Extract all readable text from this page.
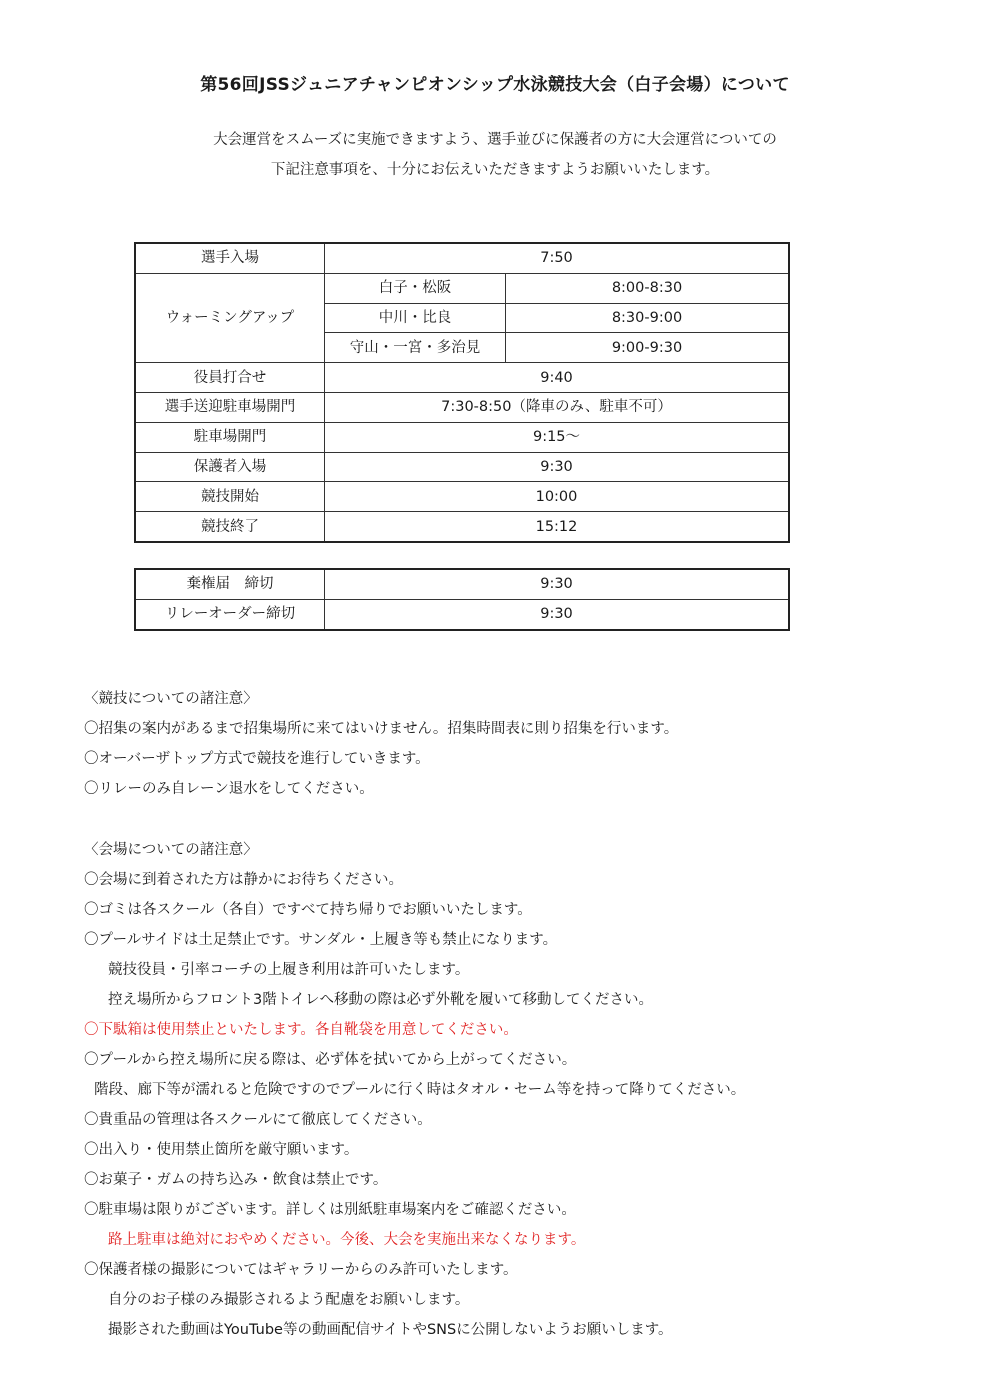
第56回JSSジュニアチャンピオンシップ水泳競技大会（白子会場）について
大会運営をスムーズに実施できますよう、選手並びに保護者の方に大会運営についての
下記注意事項を、十分にお伝えいただきますようお願いいたします。
選手入場	7:50	
ウォーミングアップ	白子・松阪	8:00-8:30
	中川・比良	8:30-9:00
	守山・一宮・多治見	9:00-9:30
役員打合せ	9:40	
選手送迎駐車場開門	7:30-8:50（降車のみ、駐車不可）	
駐車場開門	9:15～	
保護者入場	9:30	
競技開始	10:00	
競技終了	15:12	
棄権届　締切	9:30
リレーオーダー締切	9:30
〈競技についての諸注意〉
〇招集の案内があるまで招集場所に来てはいけません。招集時間表に則り招集を行います。
〇オーバーザトップ方式で競技を進行していきます。
〇リレーのみ自レーン退水をしてください。
〈会場についての諸注意〉
〇会場に到着された方は静かにお待ちください。
〇ゴミは各スクール（各自）ですべて持ち帰りでお願いいたします。
〇プールサイドは土足禁止です。サンダル・上履き等も禁止になります。
競技役員・引率コーチの上履き利用は許可いたします。
控え場所からフロント3階トイレへ移動の際は必ず外靴を履いて移動してください。
〇下駄箱は使用禁止といたします。各自靴袋を用意してください。
〇プールから控え場所に戻る際は、必ず体を拭いてから上がってください。
階段、廊下等が濡れると危険ですのでプールに行く時はタオル・セーム等を持って降りてください。
〇貴重品の管理は各スクールにて徹底してください。
〇出入り・使用禁止箇所を厳守願います。
〇お菓子・ガムの持ち込み・飲食は禁止です。
〇駐車場は限りがございます。詳しくは別紙駐車場案内をご確認ください。
路上駐車は絶対におやめください。今後、大会を実施出来なくなります。
〇保護者様の撮影についてはギャラリーからのみ許可いたします。
自分のお子様のみ撮影されるよう配慮をお願いします。
撮影された動画はYouTube等の動画配信サイトやSNSに公開しないようお願いします。
